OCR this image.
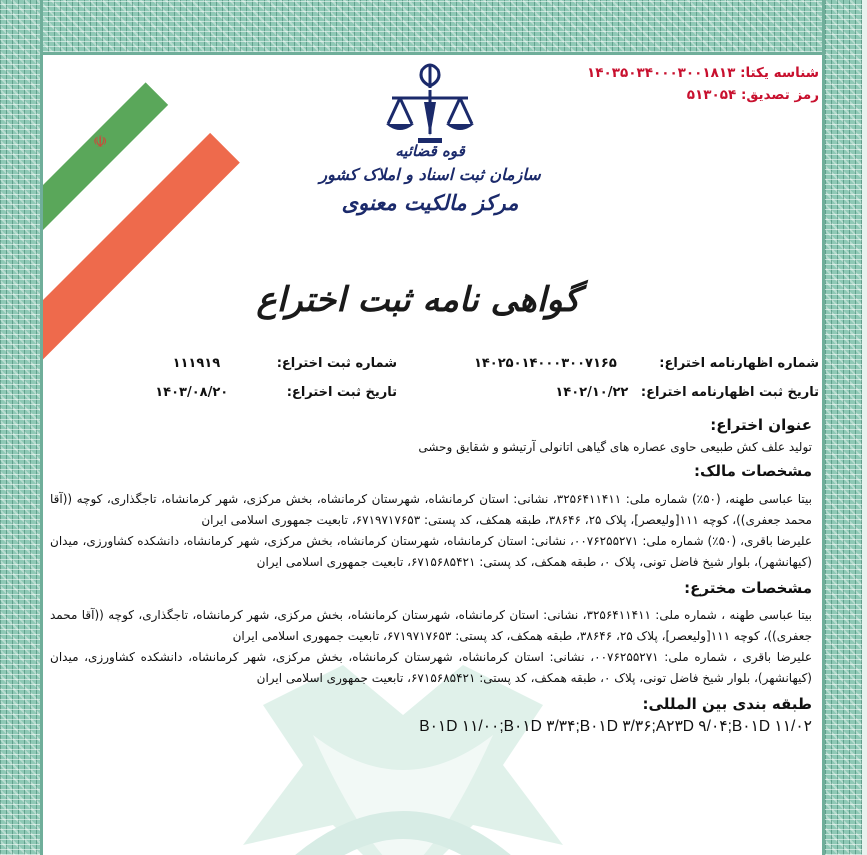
☫	قوه قضائیه
سازمان ثبت اسناد و املاک کشور
مرکز مالکیت معنوی
گواهی نامه ثبت اختراع
شناسه یکتا: ۱۴۰۳۵۰۳۴۰۰۰۳۰۰۱۸۱۳
رمز تصدیق: ۵۱۳۰۵۴
شماره اظهارنامه اختراع: ۱۴۰۲۵۰۱۴۰۰۰۳۰۰۷۱۶۵
تاریخ ثبت اظهارنامه اختراع: ۱۴۰۲/۱۰/۲۲
شماره ثبت اختراع: ۱۱۱۹۱۹
تاریخ ثبت اختراع: ۱۴۰۳/۰۸/۲۰
عنوان اختراع:
تولید علف کش طبیعی حاوی عصاره های گیاهی اتانولی آرتیشو و شقایق وحشی
مشخصات مالک:
بیتا عباسی طهنه، (۵۰٪) شماره ملی: ۳۲۵۶۴۱۱۴۱۱، نشانی: استان کرمانشاه، شهرستان کرمانشاه، بخش مرکزی، شهر کرمانشاه، تاجگذاری، کوچه ((آقا محمد جعفری))، کوچه ۱۱۱[ولیعصر]، پلاک ۲۵، ۳۸۶۴۶، طبقه همکف، کد پستی: ۶۷۱۹۷۱۷۶۵۳، تابعیت جمهوری اسلامی ایران
علیرضا باقری، (۵۰٪) شماره ملی: ۰۰۷۶۲۵۵۲۷۱، نشانی: استان کرمانشاه، شهرستان کرمانشاه، بخش مرکزی، شهر کرمانشاه، دانشکده کشاورزی، میدان (کیهانشهر)، بلوار شیخ فاضل تونی، پلاک ۰، طبقه همکف، کد پستی: ۶۷۱۵۶۸۵۴۲۱، تابعیت جمهوری اسلامی ایران
مشخصات مخترع:
بیتا عباسی طهنه ، شماره ملی: ۳۲۵۶۴۱۱۴۱۱، نشانی: استان کرمانشاه، شهرستان کرمانشاه، بخش مرکزی، شهر کرمانشاه، تاجگذاری، کوچه ((آقا محمد جعفری))، کوچه ۱۱۱[ولیعصر]، پلاک ۲۵، ۳۸۶۴۶، طبقه همکف، کد پستی: ۶۷۱۹۷۱۷۶۵۳، تابعیت جمهوری اسلامی ایران
علیرضا باقری ، شماره ملی: ۰۰۷۶۲۵۵۲۷۱، نشانی: استان کرمانشاه، شهرستان کرمانشاه، بخش مرکزی، شهر کرمانشاه، دانشکده کشاورزی، میدان (کیهانشهر)، بلوار شیخ فاضل تونی، پلاک ۰، طبقه همکف، کد پستی: ۶۷۱۵۶۸۵۴۲۱، تابعیت جمهوری اسلامی ایران
طبقه بندی بین المللی:
B۰۱D ۱۱/۰۰;B۰۱D ۳/۳۴;B۰۱D ۳/۳۶;A۲۳D ۹/۰۴;B۰۱D ۱۱/۰۲
